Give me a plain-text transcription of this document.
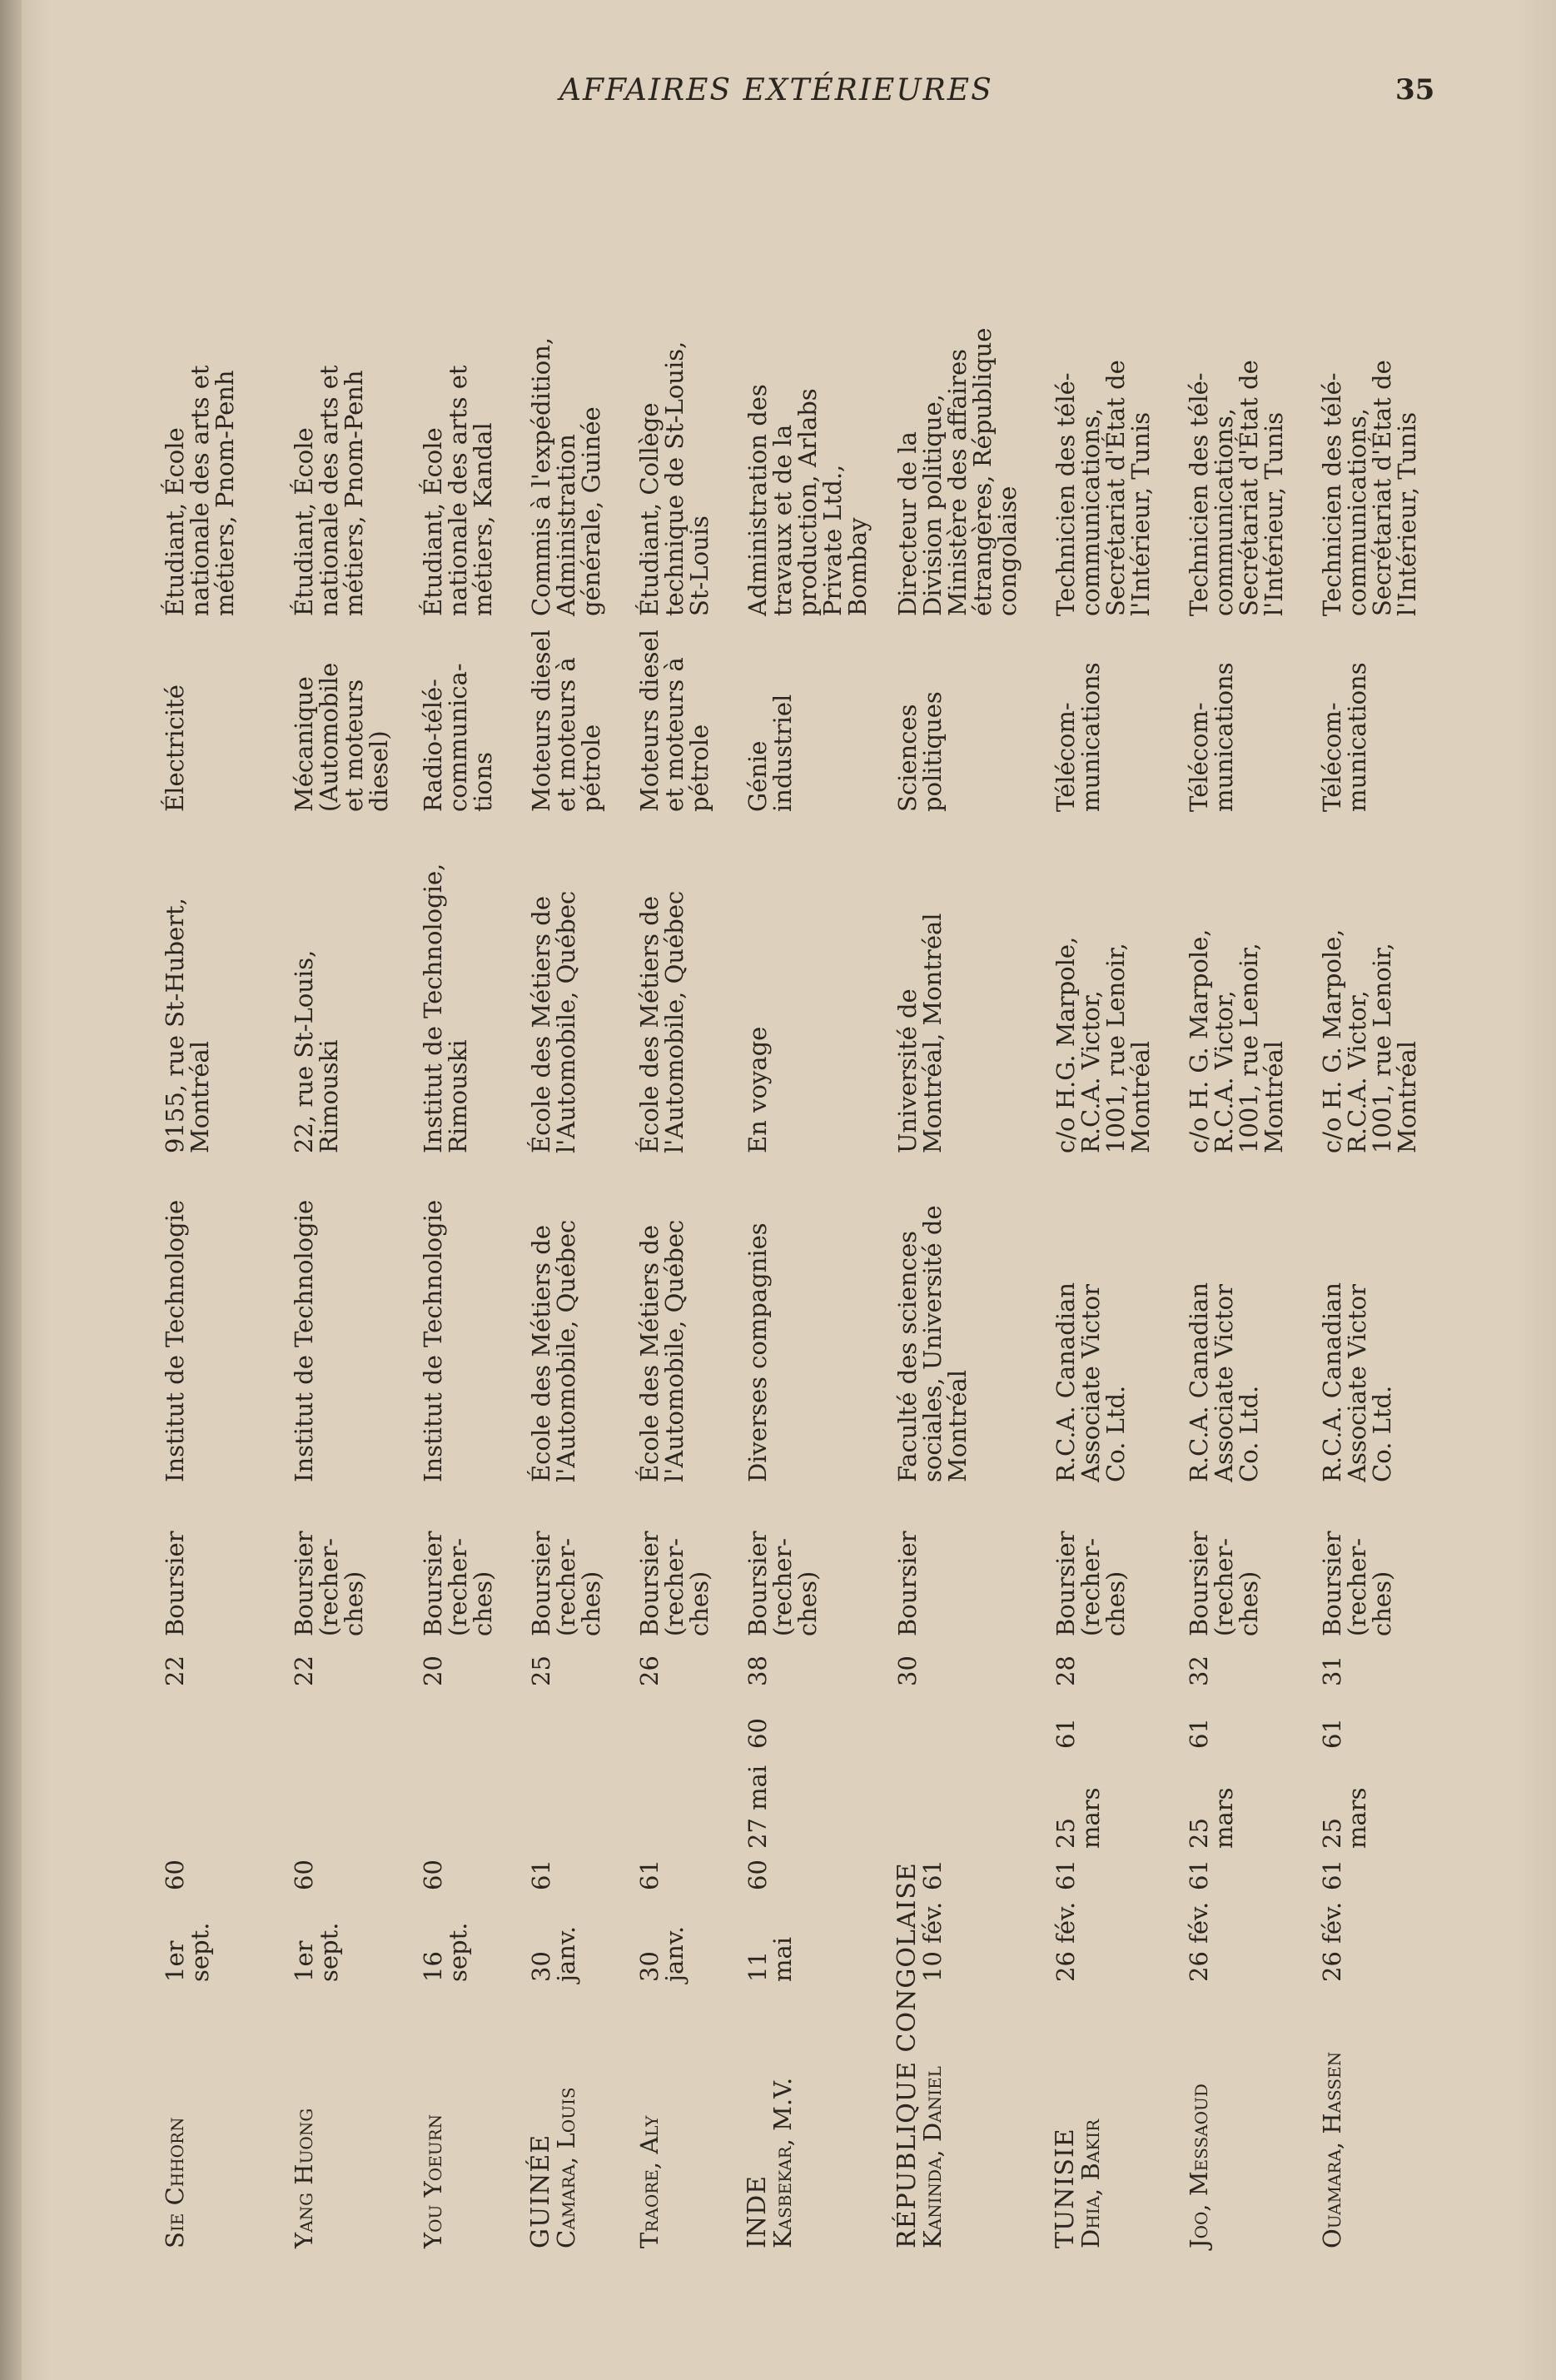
AFFAIRES EXTÉRIEURES	35
Sie Chhorn
1er sept.
60
22
Boursier
Institut de Technologie
9155, rue St-Hubert,
Montréal
Électricité
Étudiant, École
nationale des arts et
métiers, Pnom-Penh
Yang Huong
1er sept.
60
22
Boursier
(recher-
ches)
Institut de Technologie
22, rue St-Louis,
Rimouski
Mécanique
(Automobile
et moteurs
diesel)
Étudiant, École
nationale des arts et
métiers, Pnom-Penh
You Yoeurn
16 sept.
60
20
Boursier
(recher-
ches)
Institut de Technologie
Institut de Technologie,
Rimouski
Radio-télé-
communica-
tions
Étudiant, École
nationale des arts et
métiers, Kandal
GUINÉE
Camara, Louis
30 janv.
61
25
Boursier
(recher-
ches)
École des Métiers de
l'Automobile, Québec
École des Métiers de
l'Automobile, Québec
Moteurs diesel
et moteurs à
pétrole
Commis à l'expédition,
Administration
générale, Guinée
Traore, Aly
30 janv.
61
26
Boursier
(recher-
ches)
École des Métiers de
l'Automobile, Québec
École des Métiers de
l'Automobile, Québec
Moteurs diesel
et moteurs à
pétrole
Étudiant, Collège
technique de St-Louis,
St-Louis
INDE
Kasbekar, M.V.
11 mai
60
27 mai
60
38
Boursier
(recher-
ches)
Diverses compagnies
En voyage
Génie
industriel
Administration des
travaux et de la
production, Arlabs
Private Ltd.,
Bombay
RÉPUBLIQUE CONGOLAISE
Kaninda, Daniel
10 fév.
61
30
Boursier
Faculté des sciences
sociales, Université de
Montréal
Université de
Montréal, Montréal
Sciences
politiques
Directeur de la
Division politique,
Ministère des affaires
étrangères, République
congolaise
TUNISIE
Dhia, Bakir
26 fév.
61
25 mars
61
28
Boursier
(recher-
ches)
R.C.A. Canadian
Associate Victor
Co. Ltd.
c/o H.G. Marpole,
R.C.A. Victor,
1001, rue Lenoir,
Montréal
Télécom-
munications
Technicien des télé-
communications,
Secrétariat d'État de
l'Intérieur, Tunis
Joo, Messaoud
26 fév.
61
25 mars
61
32
Boursier
(recher-
ches)
R.C.A. Canadian
Associate Victor
Co. Ltd.
c/o H. G. Marpole,
R.C.A. Victor,
1001, rue Lenoir,
Montréal
Télécom-
munications
Technicien des télé-
communications,
Secrétariat d'État de
l'Intérieur, Tunis
Ouamara, Hassen
26 fév.
61
25 mars
61
31
Boursier
(recher-
ches)
R.C.A. Canadian
Associate Victor
Co. Ltd.
c/o H. G. Marpole,
R.C.A. Victor,
1001, rue Lenoir,
Montréal
Télécom-
munications
Technicien des télé-
communications,
Secrétariat d'État de
l'Intérieur, Tunis
